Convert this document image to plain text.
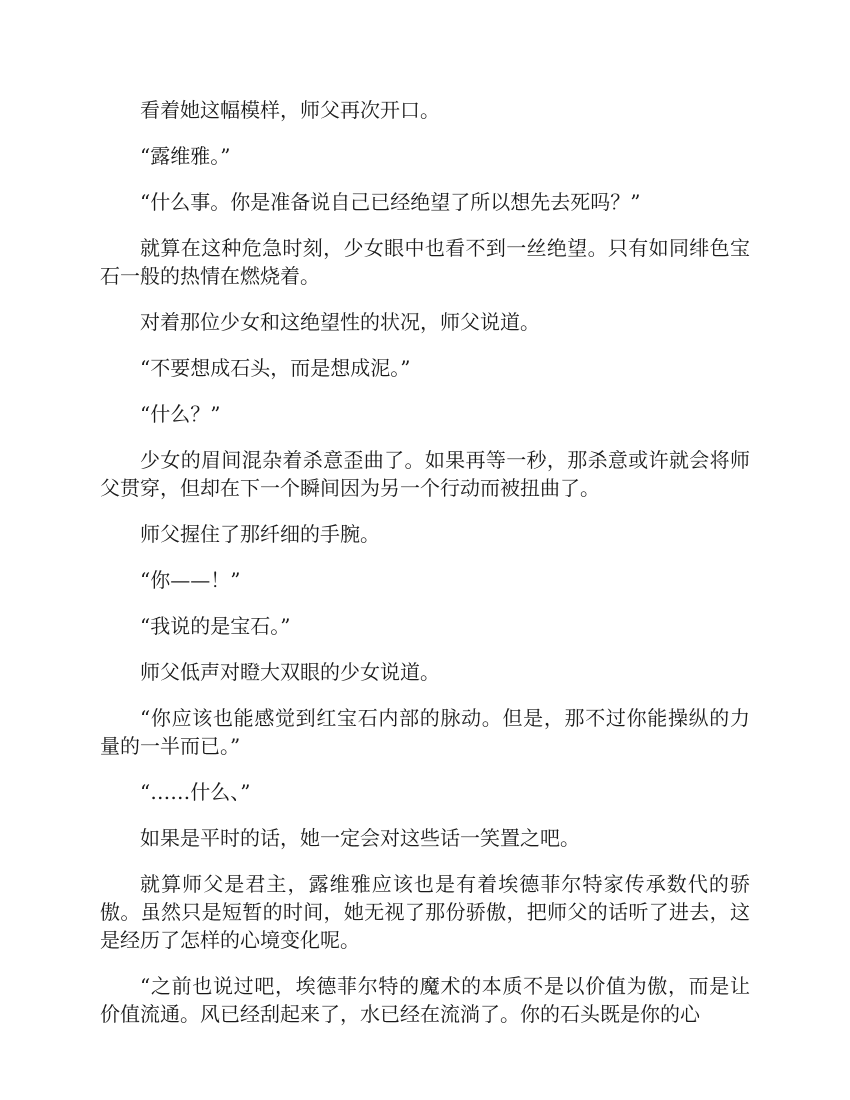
看着她这幅模样，师父再次开口。

“露维雅。”

“什么事。你是准备说自己已经绝望了所以想先去死吗？”

就算在这种危急时刻，少女眼中也看不到一丝绝望。只有如同绯色宝石一般的热情在燃烧着。

对着那位少女和这绝望性的状况，师父说道。

“不要想成石头，而是想成泥。”

“什么？”

少女的眉间混杂着杀意歪曲了。如果再等一秒，那杀意或许就会将师父贯穿，但却在下一个瞬间因为另一个行动而被扭曲了。

师父握住了那纤细的手腕。

“你——！”

“我说的是宝石。”

师父低声对瞪大双眼的少女说道。

“你应该也能感觉到红宝石内部的脉动。但是，那不过你能操纵的力量的一半而已。”

“……什么、”

如果是平时的话，她一定会对这些话一笑置之吧。

就算师父是君主，露维雅应该也是有着埃德菲尔特家传承数代的骄傲。虽然只是短暂的时间，她无视了那份骄傲，把师父的话听了进去，这是经历了怎样的心境变化呢。

“之前也说过吧，埃德菲尔特的魔术的本质不是以价值为傲，而是让价值流通。风已经刮起来了，水已经在流淌了。你的石头既是你的心
